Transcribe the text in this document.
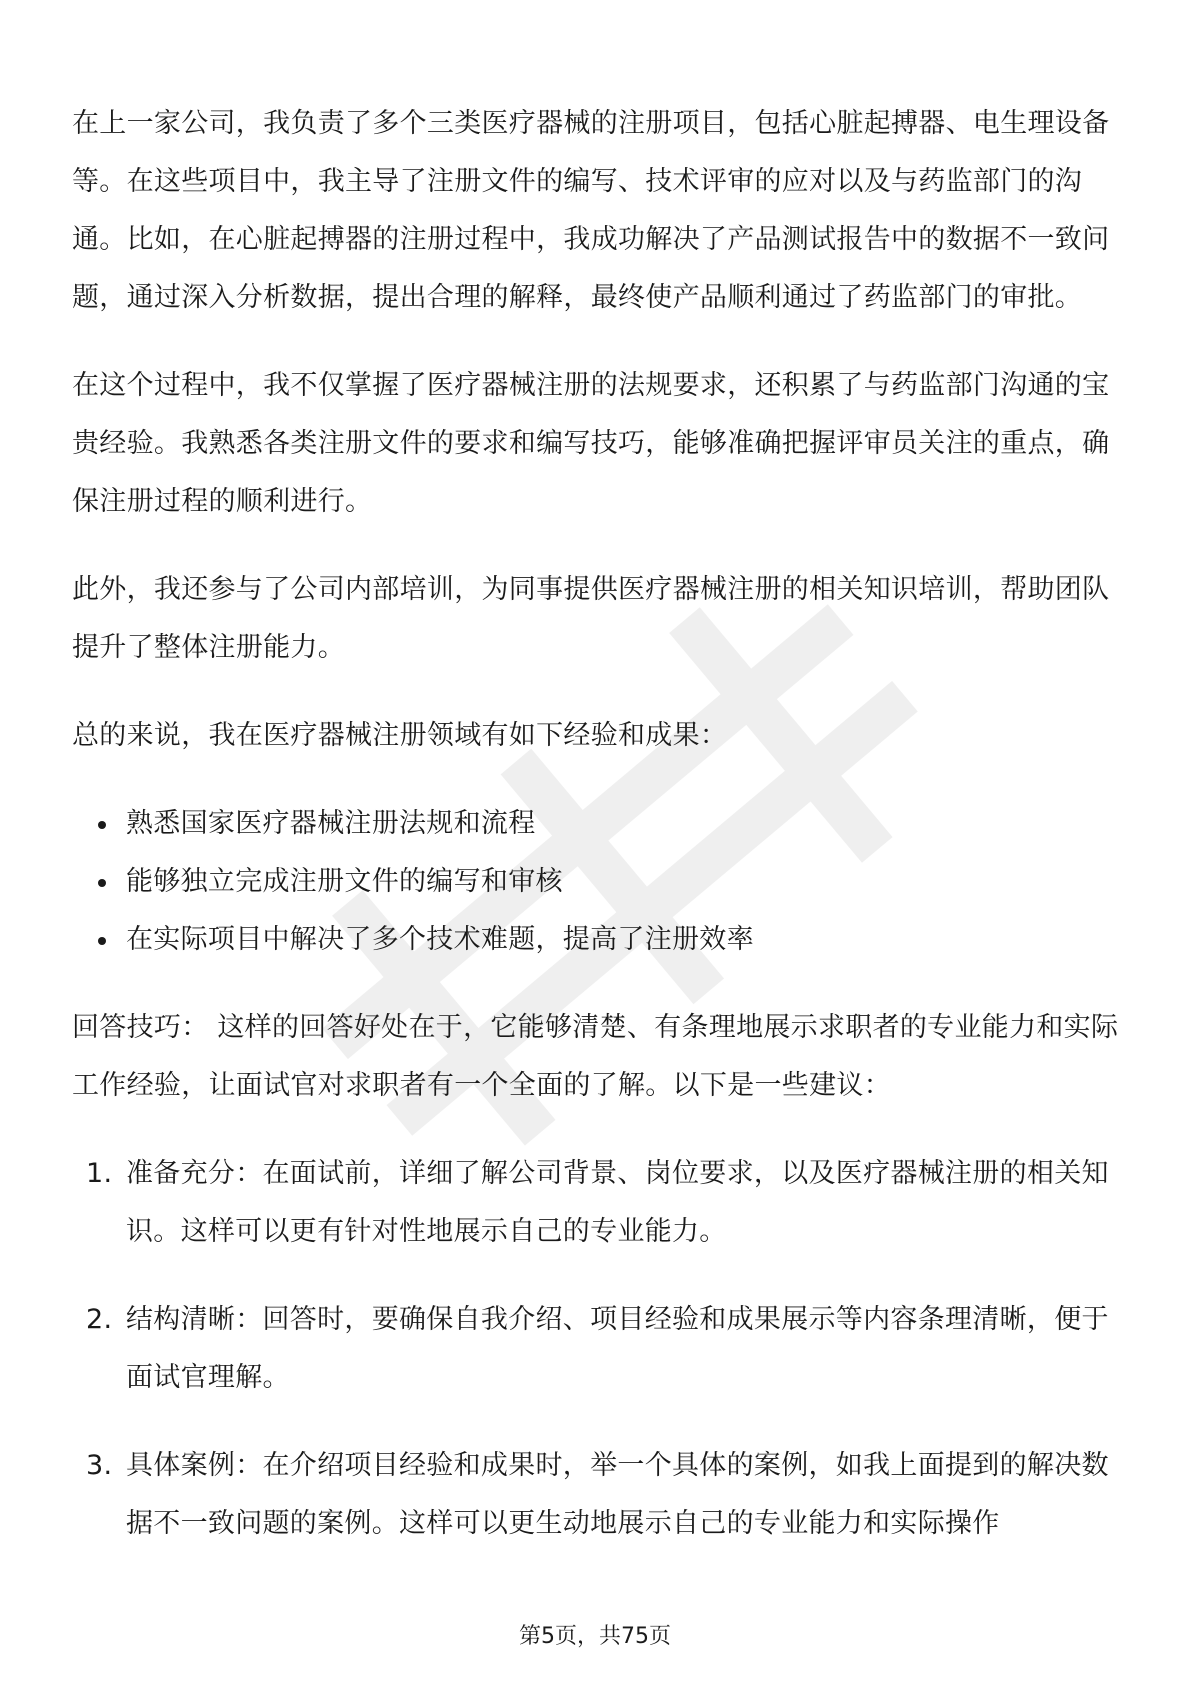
在上一家公司，我负责了多个三类医疗器械的注册项目，包括心脏起搏器、电生理设备等。在这些项目中，我主导了注册文件的编写、技术评审的应对以及与药监部门的沟通。比如，在心脏起搏器的注册过程中，我成功解决了产品测试报告中的数据不一致问题，通过深入分析数据，提出合理的解释，最终使产品顺利通过了药监部门的审批。

在这个过程中，我不仅掌握了医疗器械注册的法规要求，还积累了与药监部门沟通的宝贵经验。我熟悉各类注册文件的要求和编写技巧，能够准确把握评审员关注的重点，确保注册过程的顺利进行。

此外，我还参与了公司内部培训，为同事提供医疗器械注册的相关知识培训，帮助团队提升了整体注册能力。

总的来说，我在医疗器械注册领域有如下经验和成果：

熟悉国家医疗器械注册法规和流程
能够独立完成注册文件的编写和审核
在实际项目中解决了多个技术难题，提高了注册效率

回答技巧： 这样的回答好处在于，它能够清楚、有条理地展示求职者的专业能力和实际工作经验，让面试官对求职者有一个全面的了解。以下是一些建议：

1. 准备充分：在面试前，详细了解公司背景、岗位要求，以及医疗器械注册的相关知识。这样可以更有针对性地展示自己的专业能力。
2. 结构清晰：回答时，要确保自我介绍、项目经验和成果展示等内容条理清晰，便于面试官理解。
3. 具体案例：在介绍项目经验和成果时，举一个具体的案例，如我上面提到的解决数据不一致问题的案例。这样可以更生动地展示自己的专业能力和实际操作
第5页，共75页
